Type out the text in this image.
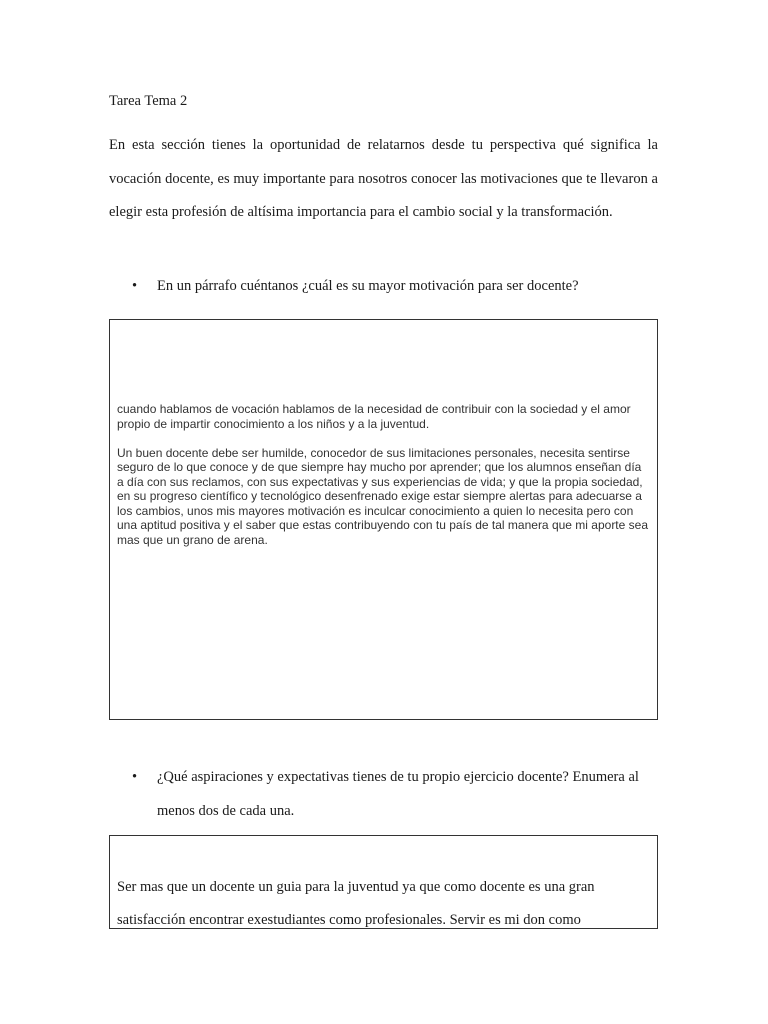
Tarea Tema 2

En esta sección tienes la oportunidad de relatarnos desde tu perspectiva qué significa la vocación docente, es muy importante para nosotros conocer las motivaciones que te llevaron a elegir esta profesión de altísima importancia para el cambio social y la transformación.

• En un párrafo cuéntanos ¿cuál es su mayor motivación para ser docente?

cuando hablamos de vocación hablamos de la necesidad de contribuir con la sociedad y el amor propio de impartir conocimiento a los niños y a la juventud.

Un buen docente debe ser humilde, conocedor de sus limitaciones personales, necesita sentirse seguro de lo que conoce y de que siempre hay mucho por aprender; que los alumnos enseñan día a día con sus reclamos, con sus expectativas y sus experiencias de vida; y que la propia sociedad, en su progreso científico y tecnológico desenfrenado exige estar siempre alertas para adecuarse a los cambios, unos mis mayores motivación es inculcar conocimiento a quien lo necesita pero con una aptitud positiva y el saber que estas contribuyendo con tu país de tal manera que mi aporte sea mas que un grano de arena.

• ¿Qué aspiraciones y expectativas tienes de tu propio ejercicio docente? Enumera al menos dos de cada una.

Ser mas que un docente un guia para la juventud ya que como docente es una gran satisfacción encontrar exestudiantes como profesionales. Servir es mi don como
